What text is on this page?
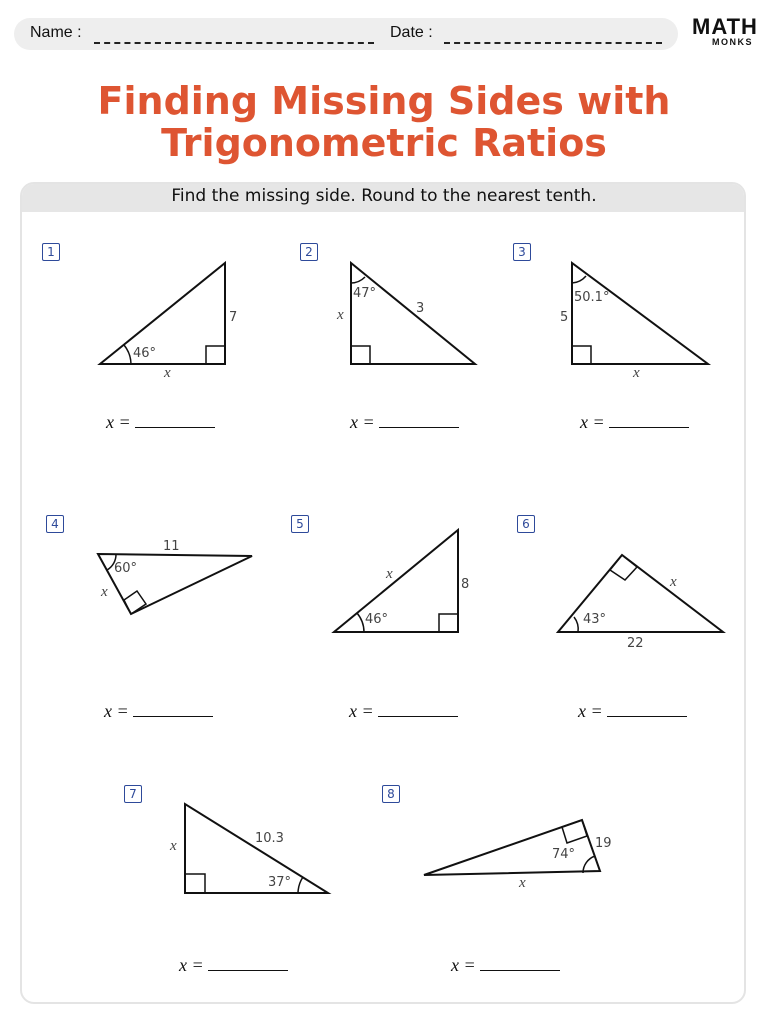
Name :	Date :	MATH
MONKS
Finding Missing Sides with
Trigonometric Ratios
Find the missing side. Round to the nearest tenth.
1	2	3
4	5	6
7	8
46°
7
x
47°
3
x
50.1°
5
x
60°
11
x
46°
8
x
43°
22
x
37°
10.3
x
74°
19
x
x =	x =	x =
x =	x =	x =
x =	x =
